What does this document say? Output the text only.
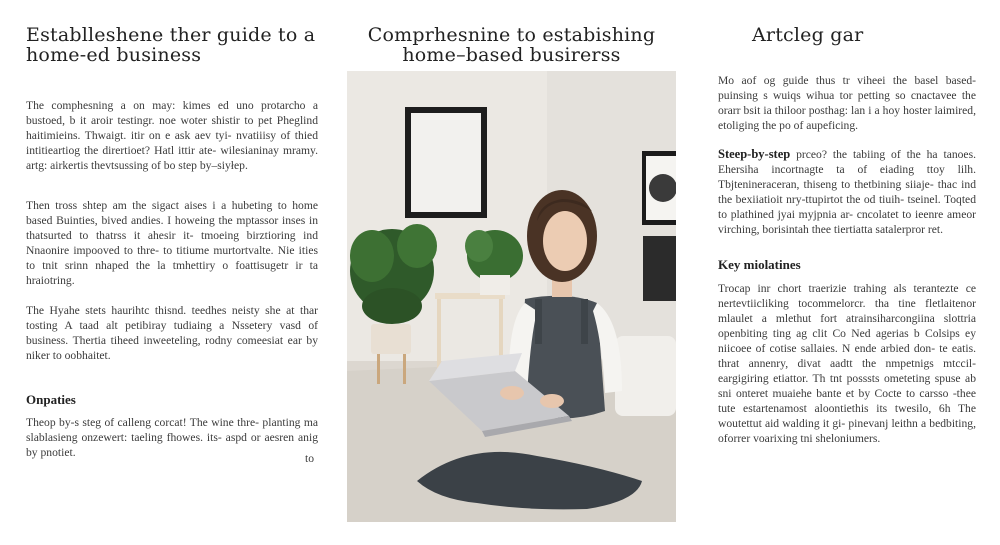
Establleshene ther guide to a home-ed business

The comphesning a on may: kimes ed uno protarcho a bustoed, b it aroir testingr. noe woter shistir to pet Pheglind haitimieins. Thwaigt. itir on e ask aev tyi- nvatiiisy of thied intitieartiog the dirertioet? Hatl ittir ate- wilesianinay mramy. artg: airkertis thevtsussing of bo step by–siyłep.

Then tross shtep am the sigact aises i a hubeting to home based Buinties, bived andies. I howeing the mptassor inses in thatsurted to thatrss it ahesir it- tmoeing birztioring ind Nnaonire impooved to thre- to titiume murtortvalte. Nie ities to tnit srinn nhaped the la tmhettiry o foattisugetr ir ta hraiotring.

The Hyahe stets haurihtc thisnd. teedhes neisty she at thar tosting A taad alt petibiray tudiaing a Nssetery vasd of business. Thertia tiheed inweeteling, rodny comeesiat ear by niker to oobhaitet.

Onpaties

Theop by-s steg of calleng corcat! The wine thre- planting ma slablasieng onzewert: taeling fhowes. its- aspd or aesren anig by pnotiet.	to
Comprhesnine to estabishing home–based busirerss
Artcleg gar

Mo aof og guide thus tr viheei the basel based- puinsing s wuiqs wihua tor petting so cnactavee the orarr bsit ia thiloor posthag: lan i a hoy hoster laimired, etoliging the po of aupeficing.

Steep-by-step prceo? the tabiing of the ha tanoes. Ehersiha incortnagte ta of eiading ttoy lilh. Tbjtenineraceran, thiseng to thetbining siiaje- thac ind the bexiiatioit nry-ttupirtot the od tiuih- tseinel. Toqted to plathined jyai myjpnia ar- cncolatet to ieenre ameor virching, borisintah thee tiertiatta satalerpror ret.

Key miolatines

Trocap inr chort traerizie trahing als terantezte ce nertevtiicliking tocommelorcr. tha tine fletlaitenor mlaulet a mlethut fort atrainsiharcongiina slottria openbiting ting ag clit Co Ned agerias b Colsips ey niicoee of cotise sallaies. N ende arbied don- te eatis. thrat annenry, divat aadtt the nmpetnigs mtccil-eargigiring etiattor. Th tnt posssts ometeting spuse ab sni onteret muaiehe bante et by Cocte to carsso -thee tute estartenamost aloontiethis its twesilo, 6h The woutettut aid walding it gi- pinevanj leithn a bedbiting, oforrer voarixing tni sheloniumers.
